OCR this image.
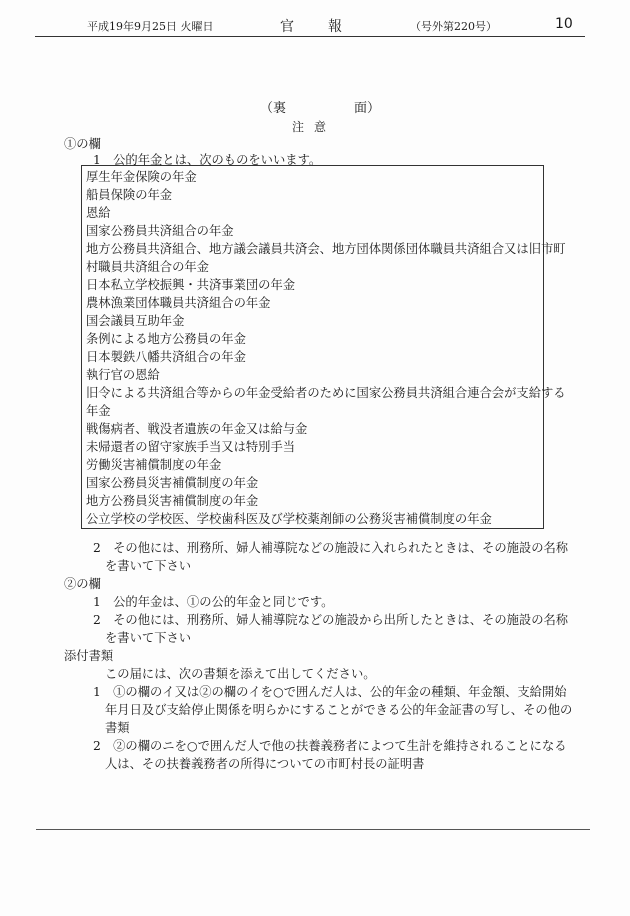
平成19年9月25日 火曜日	官 報	（号外第220号）	10
（裏	面）
注意
①の欄
1　公的年金とは、次のものをいいます。
厚生年金保険の年金
船員保険の年金
恩給
国家公務員共済組合の年金
地方公務員共済組合、地方議会議員共済会、地方団体関係団体職員共済組合又は旧市町
村職員共済組合の年金
日本私立学校振興・共済事業団の年金
農林漁業団体職員共済組合の年金
国会議員互助年金
条例による地方公務員の年金
日本製鉄八幡共済組合の年金
執行官の恩給
旧令による共済組合等からの年金受給者のために国家公務員共済組合連合会が支給する
年金
戦傷病者、戦没者遺族の年金又は給与金
未帰還者の留守家族手当又は特別手当
労働災害補償制度の年金
国家公務員災害補償制度の年金
地方公務員災害補償制度の年金
公立学校の学校医、学校歯科医及び学校薬剤師の公務災害補償制度の年金
2　その他には、刑務所、婦人補導院などの施設に入れられたときは、その施設の名称
を書いて下さい
②の欄
1　公的年金は、①の公的年金と同じです。
2　その他には、刑務所、婦人補導院などの施設から出所したときは、その施設の名称
を書いて下さい
添付書類
この届には、次の書類を添えて出してください。
1　①の欄のイ又は②の欄のイを○で囲んだ人は、公的年金の種類、年金額、支給開始
年月日及び支給停止関係を明らかにすることができる公的年金証書の写し、その他の
書類
2　②の欄のニを○で囲んだ人で他の扶養義務者によつて生計を維持されることになる
人は、その扶養義務者の所得についての市町村長の証明書
